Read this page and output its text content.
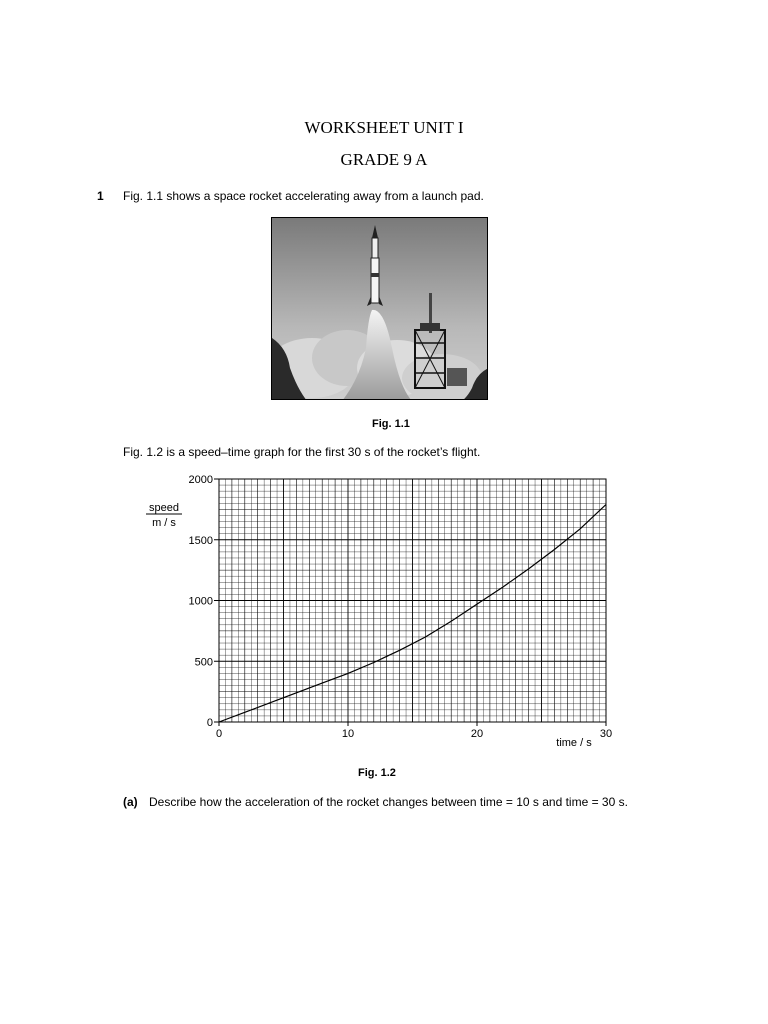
WORKSHEET UNIT I
GRADE 9 A
1 Fig. 1.1 shows a space rocket accelerating away from a launch pad.
Fig. 1.1
Fig. 1.2 is a speed–time graph for the first 30 s of the rocket’s flight.
0
500
1000
1500
2000
0	10	20	30
speed
m / s
time / s
Fig. 1.2
(a) Describe how the acceleration of the rocket changes between time = 10 s and time = 30 s.
